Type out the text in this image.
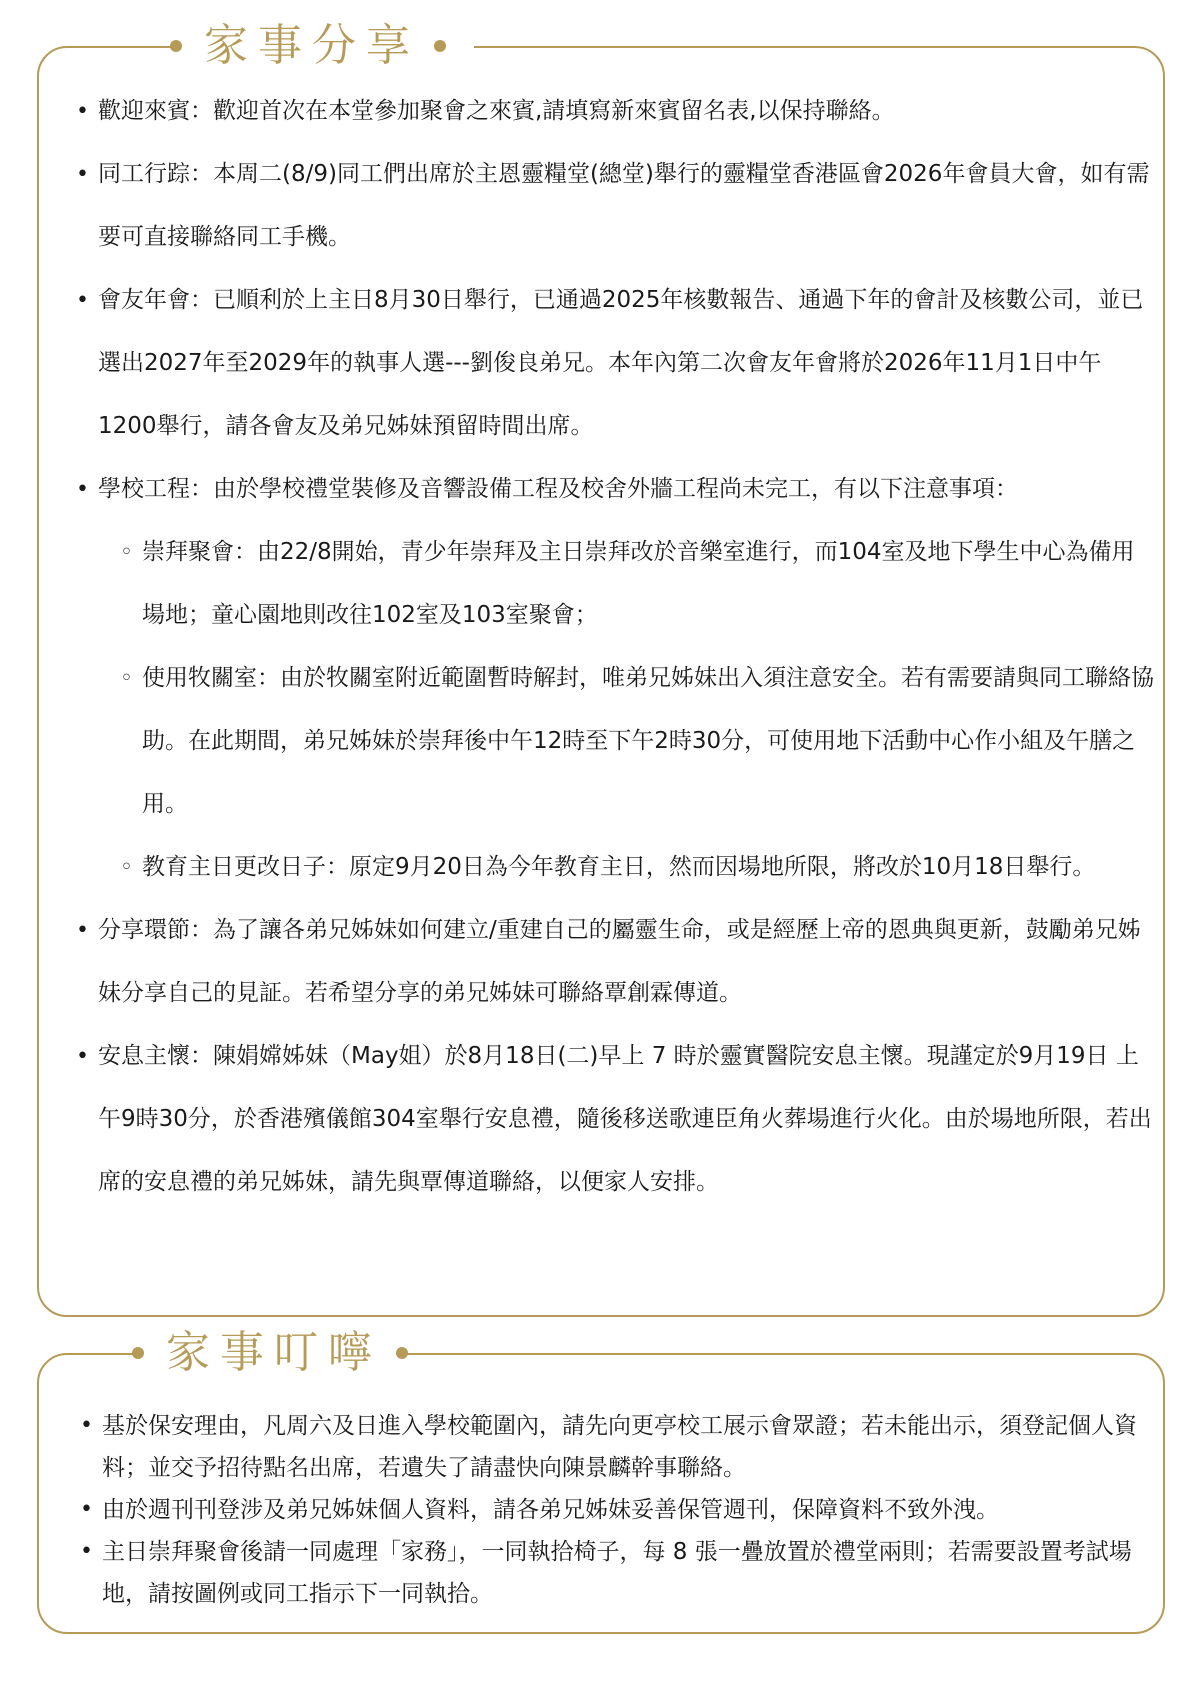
家事分享
• 歡迎來賓：歡迎首次在本堂參加聚會之來賓,請填寫新來賓留名表,以保持聯絡。
• 同工行踪：本周二(8/9)同工們出席於主恩靈糧堂(總堂)舉行的靈糧堂香港區會2026年會員大會，如有需要可直接聯絡同工手機。
• 會友年會：已順利於上主日8月30日舉行，已通過2025年核數報告、通過下年的會計及核數公司，並已選出2027年至2029年的執事人選---劉俊良弟兄。本年內第二次會友年會將於2026年11月1日中午1200舉行，請各會友及弟兄姊妹預留時間出席。
• 學校工程：由於學校禮堂裝修及音響設備工程及校舍外牆工程尚未完工，有以下注意事項：
◦ 崇拜聚會：由22/8開始，青少年崇拜及主日崇拜改於音樂室進行，而104室及地下學生中心為備用場地；童心園地則改往102室及103室聚會；
◦ 使用牧關室：由於牧關室附近範圍暫時解封，唯弟兄姊妹出入須注意安全。若有需要請與同工聯絡協助。在此期間，弟兄姊妹於崇拜後中午12時至下午2時30分，可使用地下活動中心作小組及午膳之用。
◦ 教育主日更改日子：原定9月20日為今年教育主日，然而因場地所限，將改於10月18日舉行。
• 分享環節：為了讓各弟兄姊妹如何建立/重建自己的屬靈生命，或是經歷上帝的恩典與更新，鼓勵弟兄姊妹分享自己的見証。若希望分享的弟兄姊妹可聯絡覃創霖傳道。
• 安息主懷：陳娟嫦姊妹（May姐）於8月18日(二)早上 7 時於靈實醫院安息主懷。現謹定於9月19日 上午9時30分，於香港殯儀館304室舉行安息禮，隨後移送歌連臣角火葬場進行火化。由於場地所限，若出席的安息禮的弟兄姊妹，請先與覃傳道聯絡，以便家人安排。
家事叮嚀
• 基於保安理由，凡周六及日進入學校範圍內，請先向更亭校工展示會眾證；若未能出示，須登記個人資料；並交予招待點名出席，若遺失了請盡快向陳景麟幹事聯絡。
• 由於週刊刊登涉及弟兄姊妹個人資料，請各弟兄姊妹妥善保管週刊，保障資料不致外洩。
• 主日崇拜聚會後請一同處理「家務」，一同執拾椅子，每 8 張一疊放置於禮堂兩則；若需要設置考試場地，請按圖例或同工指示下一同執拾。
